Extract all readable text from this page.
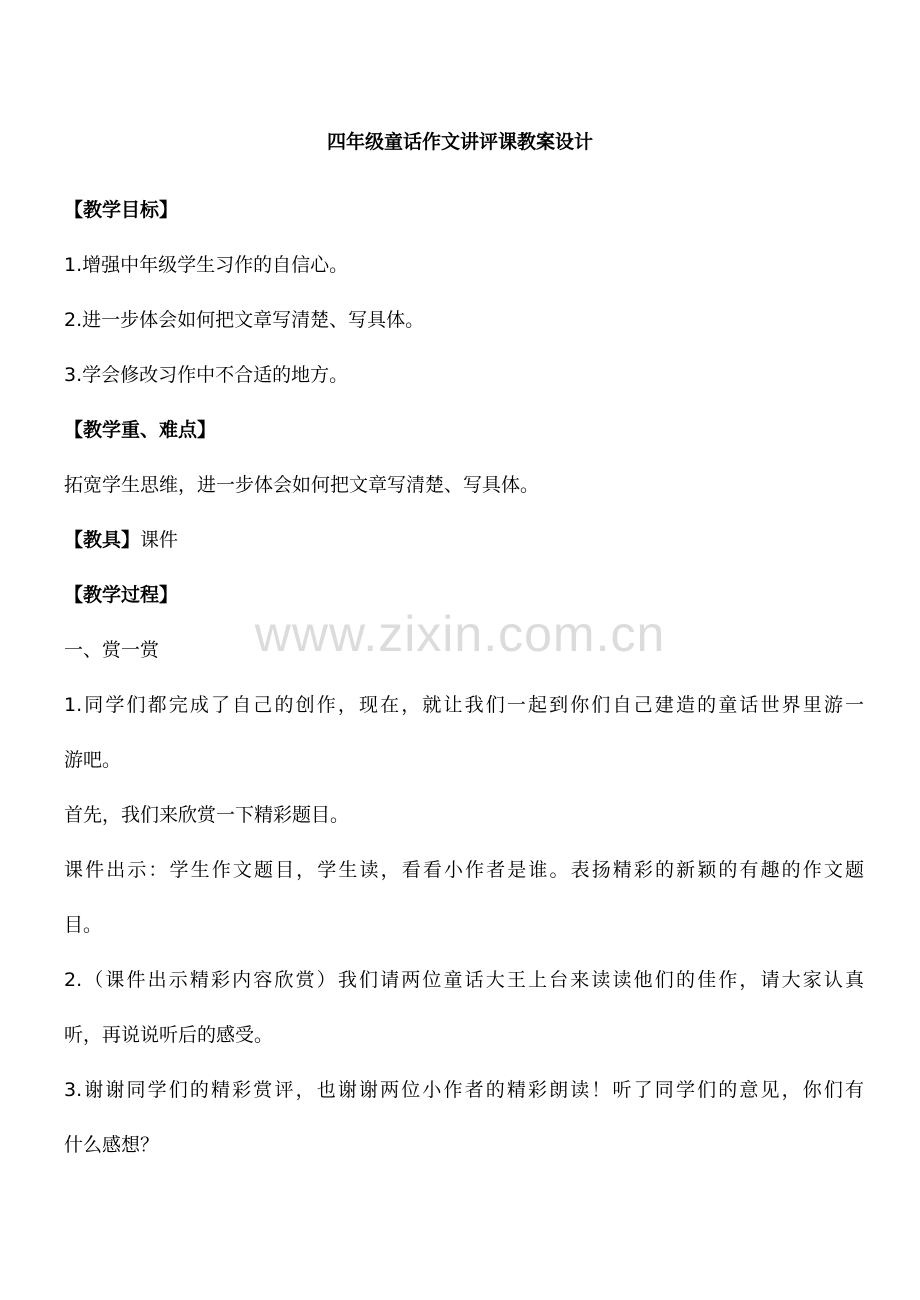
四年级童话作文讲评课教案设计
【教学目标】
1.增强中年级学生习作的自信心。
2.进一步体会如何把文章写清楚、写具体。
3.学会修改习作中不合适的地方。
【教学重、难点】
拓宽学生思维，进一步体会如何把文章写清楚、写具体。
【教具】课件
【教学过程】
一、赏一赏
1.同学们都完成了自己的创作，现在，就让我们一起到你们自己建造的童话世界里游一
游吧。
首先，我们来欣赏一下精彩题目。
课件出示：学生作文题目，学生读，看看小作者是谁。表扬精彩的新颖的有趣的作文题
目。
2.（课件出示精彩内容欣赏）我们请两位童话大王上台来读读他们的佳作，请大家认真
听，再说说听后的感受。
3.谢谢同学们的精彩赏评，也谢谢两位小作者的精彩朗读！听了同学们的意见，你们有
什么感想？
www.zixin.com.cn
